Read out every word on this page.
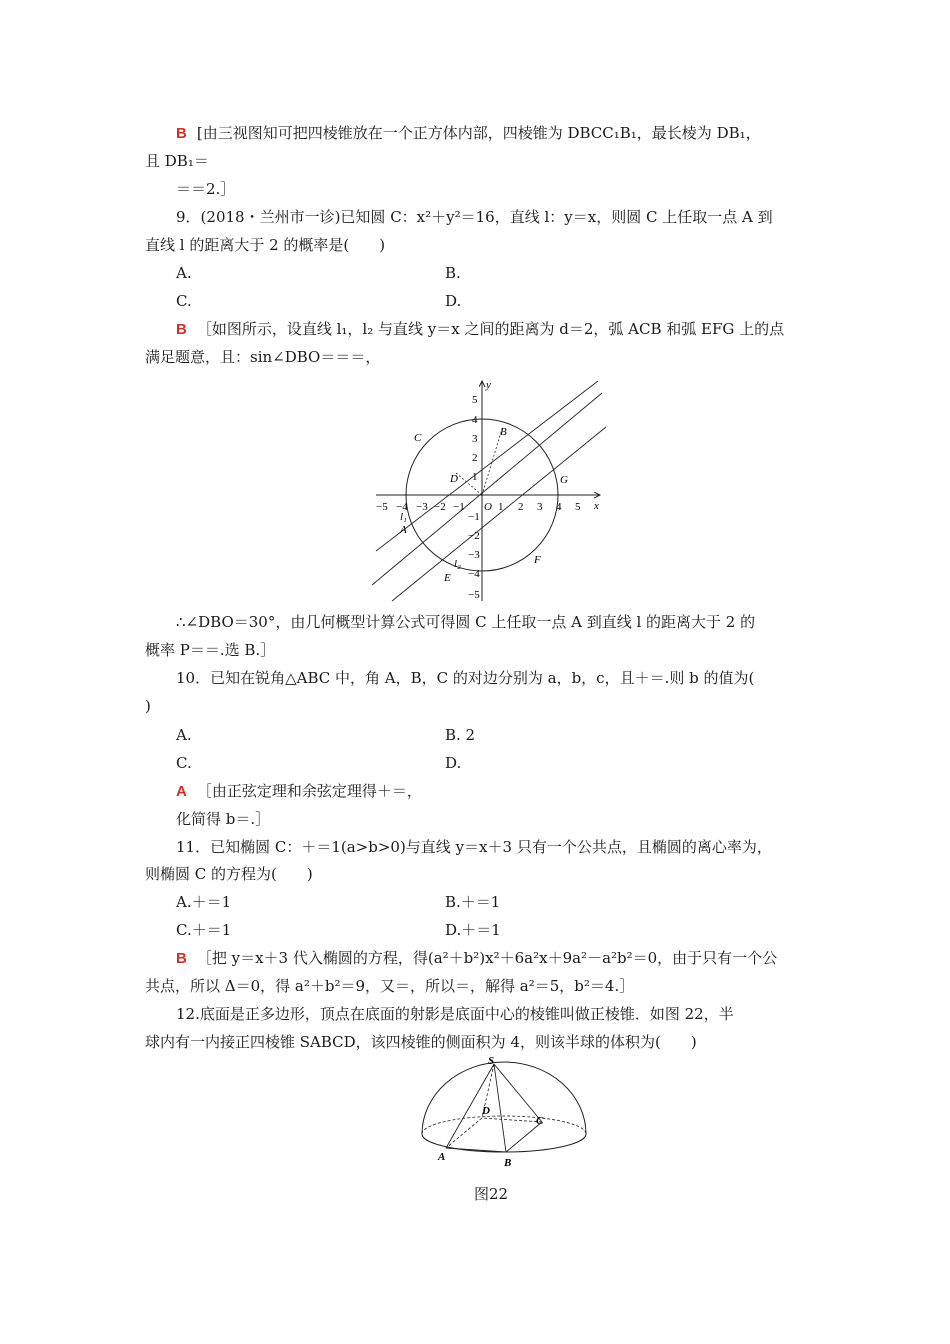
B [由三视图知可把四棱锥放在一个正方体内部，四棱锥为 DBCC₁B₁，最长棱为 DB₁，
且 DB₁＝
＝＝2.］
9．(2018・兰州市一诊)已知圆 C：x²＋y²＝16，直线 l：y＝x，则圆 C 上任取一点 A 到
直线 l 的距离大于 2 的概率是(　　)
A.	B.
C.	D.
B ［如图所示，设直线 l₁，l₂ 与直线 y＝x 之间的距离为 d＝2，弧 ACB 和弧 EFG 上的点
满足题意，且：sin∠DBO＝＝＝，
−5 −4 −3 −2 −1 O 1 2 3 4 5 x
y
5
4
3
2
1
−1
−2
−3
−4
−5
C	B
D	G
A
E
F
l₁
l₂
∴∠DBO＝30°，由几何概型计算公式可得圆 C 上任取一点 A 到直线 l 的距离大于 2 的
概率 P＝＝.选 B.］
10．已知在锐角△ABC 中，角 A，B，C 的对边分别为 a，b，c，且＋＝.则 b 的值为(
)
A.	B. 2
C.	D.
A ［由正弦定理和余弦定理得＋＝，
化简得 b＝.］
11．已知椭圆 C：＋＝1(a>b>0)与直线 y＝x＋3 只有一个公共点，且椭圆的离心率为，
则椭圆 C 的方程为(　　)
A.＋＝1	B.＋＝1
C.＋＝1	D.＋＝1
B ［把 y＝x＋3 代入椭圆的方程，得(a²＋b²)x²＋6a²x＋9a²－a²b²＝0，由于只有一个公
共点，所以 Δ＝0，得 a²＋b²＝9，又＝，所以＝，解得 a²＝5，b²＝4.］
12.底面是正多边形，顶点在底面的射影是底面中心的棱锥叫做正棱锥．如图 22，半
球内有一内接正四棱锥 SABCD，该四棱锥的侧面积为 4，则该半球的体积为(　　)
S
D
C
A	B
图22
